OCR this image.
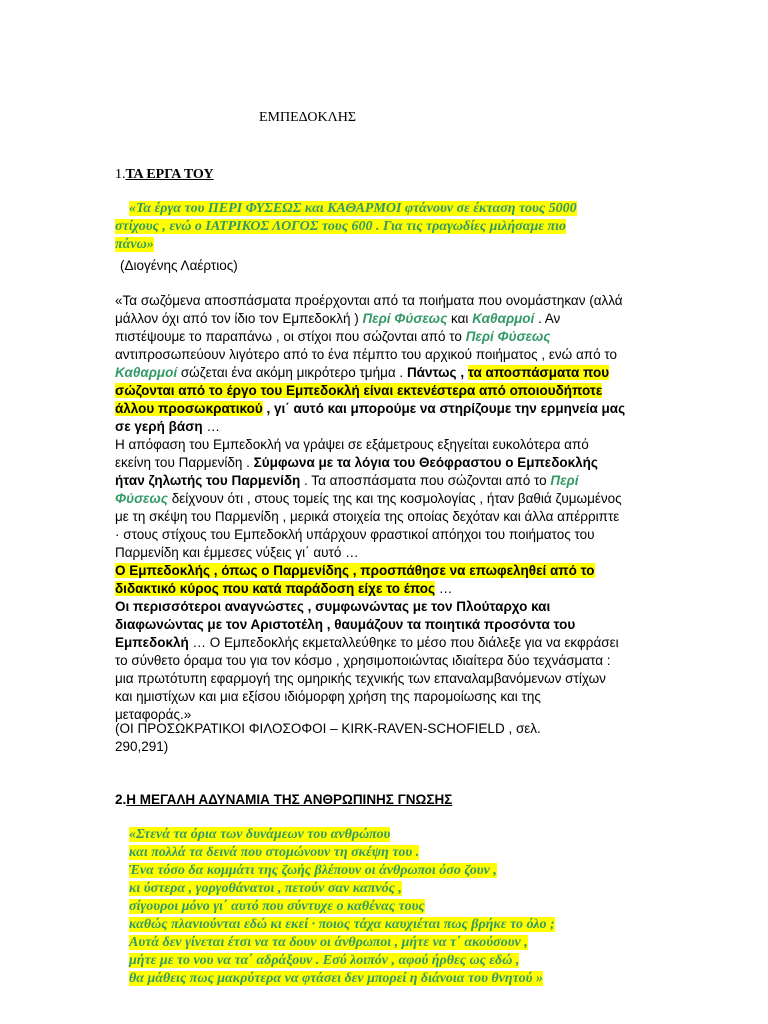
ΕΜΠΕΔΟΚΛΗΣ
1.ΤΑ ΕΡΓΑ ΤΟΥ
«Τα έργα του ΠΕΡΙ ΦΥΣΕΩΣ και ΚΑΘΑΡΜΟΙ φτάνουν σε έκταση τους 5000
στίχους , ενώ ο ΙΑΤΡΙΚΟΣ ΛΟΓΟΣ τους 600 . Για τις τραγωδίες μιλήσαμε πιο
πάνω»
(Διογένης Λαέρτιος)
«Τα σωζόμενα αποσπάσματα προέρχονται από τα ποιήματα που ονομάστηκαν (αλλά
μάλλον όχι από τον ίδιο τον Εμπεδοκλή ) Περί Φύσεως και Καθαρμοί . Αν
πιστέψουμε το παραπάνω , οι στίχοι που σώζονται από το Περί Φύσεως
αντιπροσωπεύουν λιγότερο από το ένα πέμπτο του αρχικού ποιήματος , ενώ από το
Καθαρμοί σώζεται ένα ακόμη μικρότερο τμήμα . Πάντως , τα αποσπάσματα που
σώζονται από το έργο του Εμπεδοκλή είναι εκτενέστερα από οποιουδήποτε
άλλου προσωκρατικού , γι΄ αυτό και μπορούμε να στηρίζουμε την ερμηνεία μας
σε γερή βάση …
Η απόφαση του Εμπεδοκλή να γράψει σε εξάμετρους εξηγείται ευκολότερα από
εκείνη του Παρμενίδη . Σύμφωνα με τα λόγια του Θεόφραστου ο Εμπεδοκλής
ήταν ζηλωτής του Παρμενίδη . Τα αποσπάσματα που σώζονται από το Περί
Φύσεως δείχνουν ότι , στους τομείς της και της κοσμολογίας , ήταν βαθιά ζυμωμένος
με τη σκέψη του Παρμενίδη , μερικά στοιχεία της οποίας δεχόταν και άλλα απέρριπτε
· στους στίχους του Εμπεδοκλή υπάρχουν φραστικοί απόηχοι του ποιήματος του
Παρμενίδη και έμμεσες νύξεις γι΄ αυτό …
Ο Εμπεδοκλής , όπως ο Παρμενίδης , προσπάθησε να επωφεληθεί από το
διδακτικό κύρος που κατά παράδοση είχε το έπος …
Οι περισσότεροι αναγνώστες , συμφωνώντας με τον Πλούταρχο και
διαφωνώντας με τον Αριστοτέλη , θαυμάζουν τα ποιητικά προσόντα του
Εμπεδοκλή … Ο Εμπεδοκλής εκμεταλλεύθηκε το μέσο που διάλεξε για να εκφράσει
το σύνθετο όραμα του για τον κόσμο , χρησιμοποιώντας ιδιαίτερα δύο τεχνάσματα :
μια πρωτότυπη εφαρμογή της ομηρικής τεχνικής των επαναλαμβανόμενων στίχων
και ημιστίχων και μια εξίσου ιδιόμορφη χρήση της παρομοίωσης και της
μεταφοράς.»
(ΟΙ ΠΡΟΣΩΚΡΑΤΙΚΟΙ ΦΙΛΟΣΟΦΟΙ – KIRK-RAVEN-SCHOFIELD , σελ.
290,291)
2.Η ΜΕΓΑΛΗ ΑΔΥΝΑΜΙΑ ΤΗΣ ΑΝΘΡΩΠΙΝΗΣ ΓΝΩΣΗΣ
«Στενά τα όρια των δυνάμεων του ανθρώπου
και πολλά τα δεινά που στομώνουν τη σκέψη του .
Ένα τόσο δα κομμάτι της ζωής βλέπουν οι άνθρωποι όσο ζουν ,
κι ύστερα , γοργοθάνατοι , πετούν σαν καπνός ,
σίγουροι μόνο γι΄ αυτό που σύντυχε ο καθένας τους
καθώς πλανιούνται εδώ κι εκεί · ποιος τάχα καυχιέται πως βρήκε το όλο ;
Αυτά δεν γίνεται έτσι να τα δουν οι άνθρωποι , μήτε να τ΄ ακούσουν ,
μήτε με το νου να τα΄ αδράξουν . Εσύ λοιπόν , αφού ήρθες ως εδώ ,
θα μάθεις πως μακρύτερα να φτάσει δεν μπορεί η διάνοια του θνητού »
